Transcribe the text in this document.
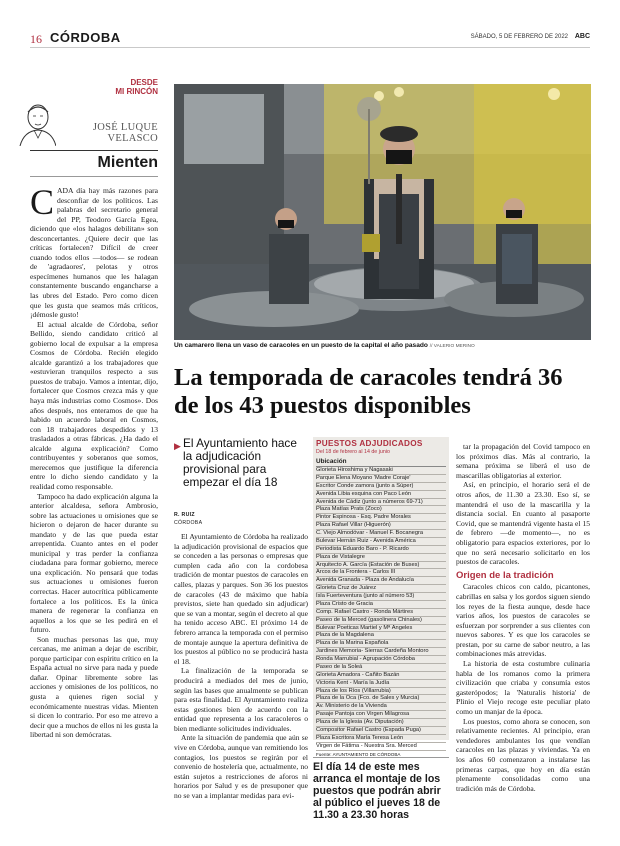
16 CÓRDOBA	SÁBADO, 5 DE FEBRERO DE 2022 ABC
DESDE
MI RINCÓN
JOSÉ LUQUE
VELASCO
Mienten

CADA día hay más razones para desconfiar de los políticos. Las palabras del secretario general del PP, Teodoro García Egea, diciendo que «los halagos debilitan» son desconcertantes. ¿Quiere decir que las críticas fortalecen? Difícil de creer cuando todos ellos —todos— se rodean de 'agradaores', pelotas y otros especímenes humanos que les halagan constantemente buscando engancharse a las ubres del Estado. Pero como dicen que les gusta que seamos más críticos, ¡démosle gusto!

El actual alcalde de Córdoba, señor Bellido, siendo candidato criticó al gobierno local de expulsar a la empresa Cosmos de Córdoba. Recién elegido alcalde garantizó a los trabajadores que «estuvieran tranquilos respecto a sus puestos de trabajo. Vamos a intentar, dijo, fortalecer que Cosmos crezca más y que haya más industrias como Cosmos». Dos años después, nos enteramos de que ha habido un acuerdo laboral en Cosmos, con 18 trabajadores despedidos y 13 trasladados a otras fábricas. ¿Ha dado el alcalde alguna explicación? Como contribuyentes y soberanos que somos, merecemos que justifique la diferencia entre lo dicho siendo candidato y la realidad como responsable.

Tampoco ha dado explicación alguna la anterior alcaldesa, señora Ambrosio, sobre las actuaciones u omisiones que se hicieron o dejaron de hacer durante su mandato y de las que pueda estar arrepentida. Cuanto antes en el poder municipal y tras perder la confianza ciudadana para formar gobierno, merece una explicación. No pensará que todas sus actuaciones u omisiones fueron correctas. Hacer autocrítica públicamente fortalece a los políticos. Es la única manera de regenerar la confianza en aquellos a los que se les pedirá en el futuro.

Son muchas personas las que, muy cercanas, me animan a dejar de escribir, porque participar con espíritu crítico en la España actual no sirve para nada y puede dañar. Opinar libremente sobre las acciones y omisiones de los políticos, no gusta a quienes rigen social y económicamente nuestras vidas. Mienten si dicen lo contrario. Por eso me atrevo a decir que a muchos de ellos ni les gusta la libertad ni son demócratas.

Un camarero llena un vaso de caracoles en un puesto de la capital el año pasado // VALERIO MERINO
La temporada de caracoles tendrá 36 de los 43 puestos disponibles
▶ El Ayuntamiento hace la adjudicación provisional para empezar el día 18
R. RUIZ
CÓRDOBA

El Ayuntamiento de Córdoba ha realizado la adjudicación provisional de espacios que se conceden a las personas o empresas que cumplen cada año con la cordobesa tradición de montar puestos de caracoles en calles, plazas y parques. Son 36 los puestos de caracoles (43 de máximo que había previstos, siete han quedado sin adjudicar) que se van a montar, según el decreto al que ha tenido acceso ABC. El próximo 14 de febrero arranca la temporada con el permiso de montaje aunque la apertura definitiva de los puestos al público no se producirá hasta el 18.

La finalización de la temporada se producirá a mediados del mes de junio, según las bases que anualmente se publican para esta finalidad. El Ayuntamiento realiza estas gestiones bien de acuerdo con la entidad que representa a los caracoleros o bien mediante solicitudes individuales.

Ante la situación de pandemia que aún se vive en Córdoba, aunque van remitiendo los contagios, los puestos se regirán por el convenio de hostelería que, actualmente, no están sujetos a restricciones de aforos ni horarios por Salud y es de presuponer que no se van a implantar medidas para evi-

PUESTOS ADJUDICADOS
Del 18 de febrero al 14 de junio
Ubicación
Glorieta Hiroshima y Nagasaki
Parque Elena Moyano 'Madre Coraje'
Escritor Conde zamora (junto a Súper)
Avenida Libia esquina con Paco León
Avenida de Cádiz (junto a números 69-71)
Plaza Matías Prats (Zoco)
Pintor Espinosa - Esq. Padre Morales
Plaza Rafael Villar (Higuerón)
C. Viejo Almodóvar - Manuel F. Bocanegra
Bulevar Hernán Ruiz - Avenida América
Periodista Eduardo Baro - P. Ricardo
Plaza de Vistalegre
Arquitecto A. García (Estación de Buses)
Arcos de la Frontera - Carlos III
Avenida Granada - Plaza de Andalucía
Glorieta Cruz de Juárez
Isla Fuerteventura (junto al número 53)
Plaza Cristo de Gracia
Comp. Rafael Castro - Ronda Mártires
Paseo de la Merced (gasolinera Chinales)
Bulevar Poeticas Martiel y Mª Ángeles
Plaza de la Magdalena
Plaza de la Marina Española
Jardines Memoria- Sierras Cardeña Montoro
Ronda Marrubial - Agrupación Córdoba
Paseo de la Soleá
Glorieta Amadora - Cañito Bazán
Victoria Kent - María la Judía
Plaza de los Ríos (Villarrubia)
Plaza de la Oca (Fco. de Sales y Murcia)
Av. Ministerio de la Vivienda
Pasaje Pantoja con Virgen Milagrosa
Plaza de la Iglesia (Av. Diputación)
Compositor Rafael Castro (Espada Puga)
Plaza Escritora María Teresa León
Virgen de Fátima - Nuestra Sra. Merced
Fuente: AYUNTAMIENTO DE CÓRDOBA
El día 14 de este mes arranca el montaje de los puestos que podrán abrir al público el jueves 18 de 11.30 a 23.30 horas

tar la propagación del Covid tampoco en los próximos días. Más al contrario, la semana próxima se liberá el uso de mascarillas obligatorias al exterior.

Así, en principio, el horario será el de otros años, de 11.30 a 23.30. Eso sí, se mantendrá el uso de la mascarilla y la distancia social. En cuanto al pasaporte Covid, que se mantendrá vigente hasta el 15 de febrero —de momento—, no es obligatorio para espacios exteriores, por lo que no será necesario solicitarlo en los puestos de caracoles.

Origen de la tradición

Caracoles chicos con caldo, picantones, cabrillas en salsa y los gordos siguen siendo los reyes de la fiesta aunque, desde hace varios años, los puestos de caracoles se esfuerzan por sorprender a sus clientes con nuevos sabores. Y es que los caracoles se prestan, por su carne de sabor neutro, a las combinaciones más atrevidas.

La historia de esta costumbre culinaria habla de los romanos como la primera civilización que criaba y consumía estos gasterópodos; la 'Naturalis historia' de Plinio el Viejo recoge este peculiar plato como un manjar de la época.

Los puestos, como ahora se conocen, son relativamente recientes. Al principio, eran vendedores ambulantes los que vendían caracoles en las plazas y viviendas. Ya en los años 60 comenzaron a instalarse las primeras carpas, que hoy en día están plenamente consolidadas como una tradición más de Córdoba.
